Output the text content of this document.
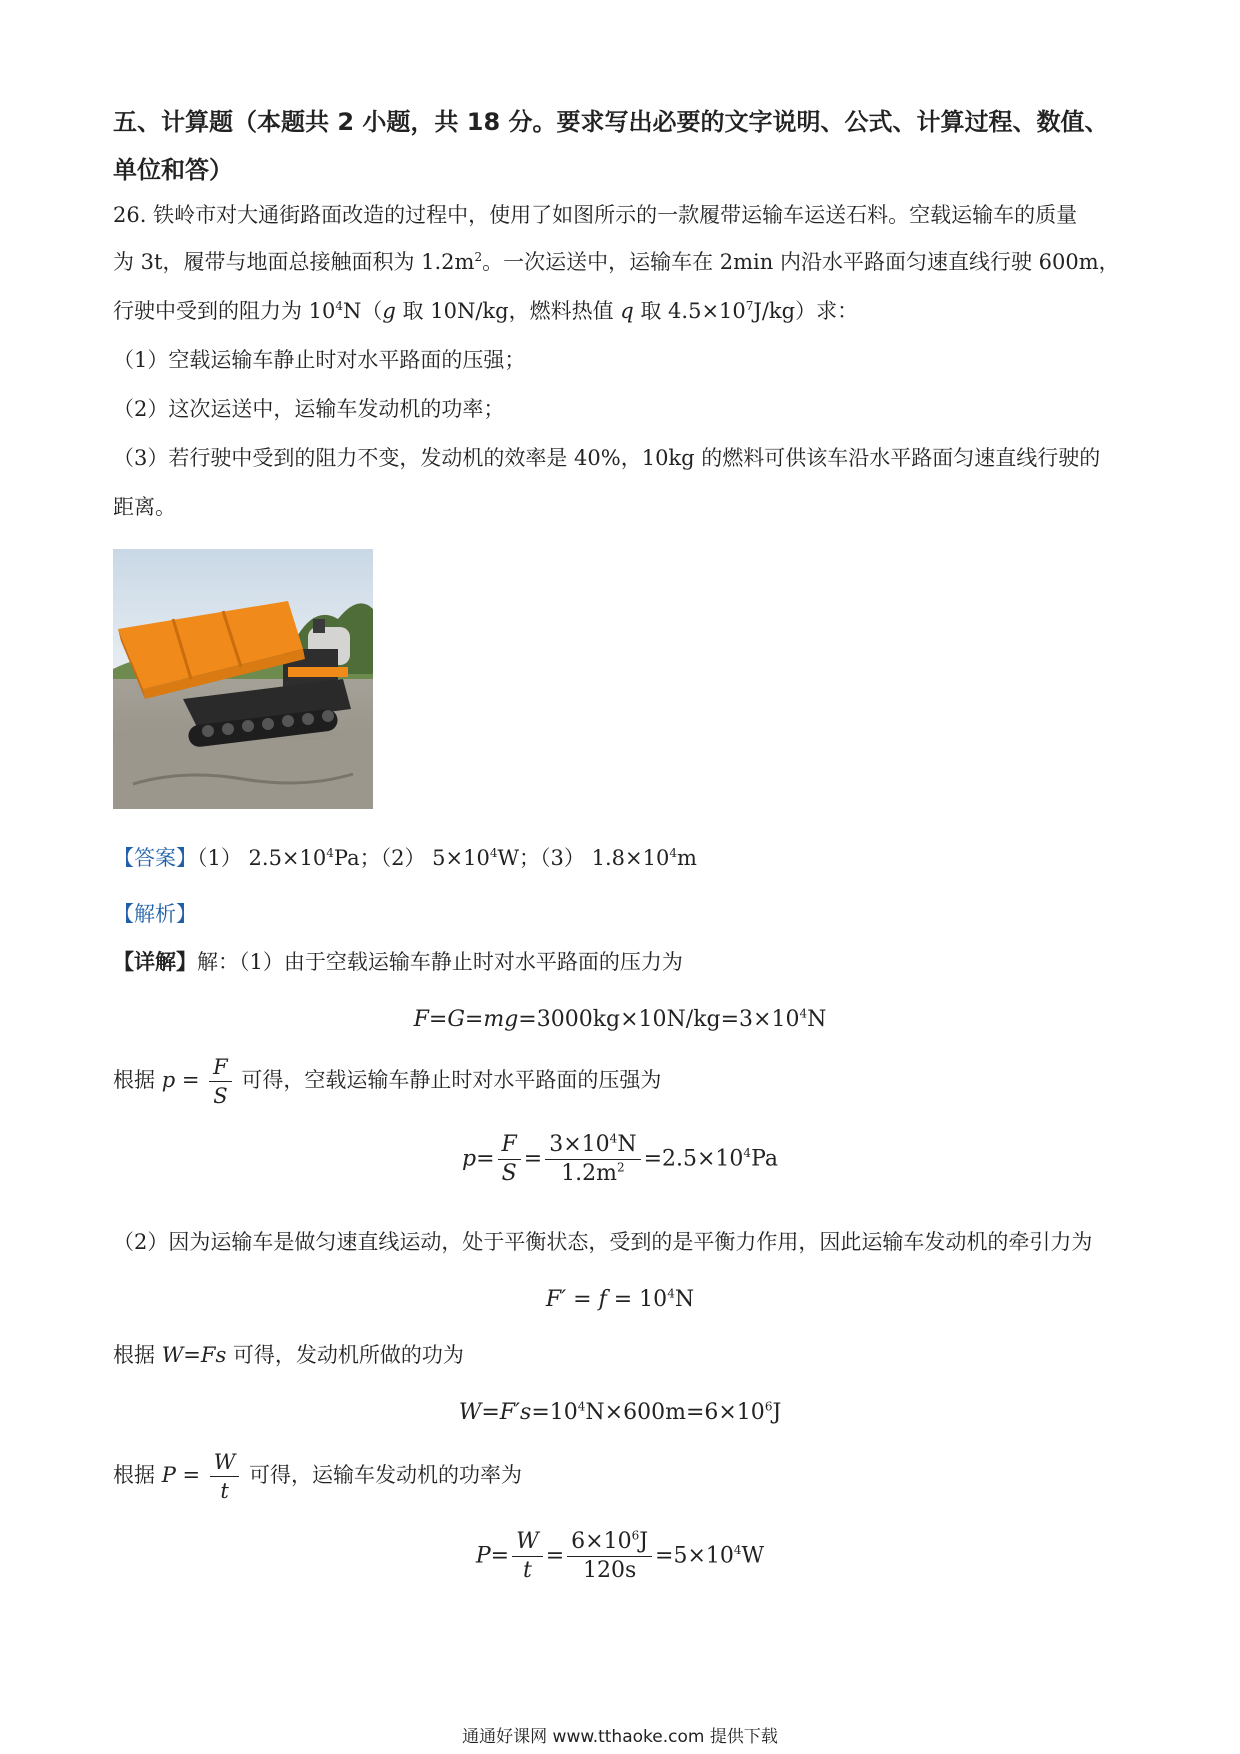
五、计算题（本题共 2 小题，共 18 分。要求写出必要的文字说明、公式、计算过程、数值、
单位和答）
26. 铁岭市对大通街路面改造的过程中，使用了如图所示的一款履带运输车运送石料。空载运输车的质量
为 3t，履带与地面总接触面积为 $1.2m^2$。一次运送中，运输车在 2min 内沿水平路面匀速直线行驶 600m，
行驶中受到的阻力为 $10^4N(g$ 取 10N/kg，燃料热值 q 取 $4.5\times 10^7J/kg$）求：
（1）空载运输车静止时对水平路面的压强；
（2）这次运送中，运输车发动机的功率；
（3）若行驶中受到的阻力不变，发动机的效率是 40%，10kg 的燃料可供该车沿水平路面匀速直线行驶的
距离。
【答案】（1） $2.5\times 10^4Pa$；（2） $5\times 10^4W$；（3） $1.8\times 10^4m$
【解析】
【详解】解：（1）由于空载运输车静止时对水平路面的压力为
$F=G=mg=3000kg\times 10N/kg=3\times 10^4N$
根据 $p = \frac{F}{S}$ 可得，空载运输车静止时对水平路面的压强为
$p= \frac{F}{S} = \frac{3\times 10^4N}{1.2m^2} =2.5\times 10^4Pa$
（2）因为运输车是做匀速直线运动，处于平衡状态，受到的是平衡力作用，因此运输车发动机的牵引力为
$F' = f = 10^4N$
根据 W=Fs 可得，发动机所做的功为
$W=F's=10^4N\times 600m=6\times 10^6J$
根据 $P = \frac{W}{t}$ 可得，运输车发动机的功率为
$P= \frac{W}{t} = \frac{6\times 10^6J}{120s} =5\times 10^4W$
通通好课网 www.tthaoke.com 提供下载
